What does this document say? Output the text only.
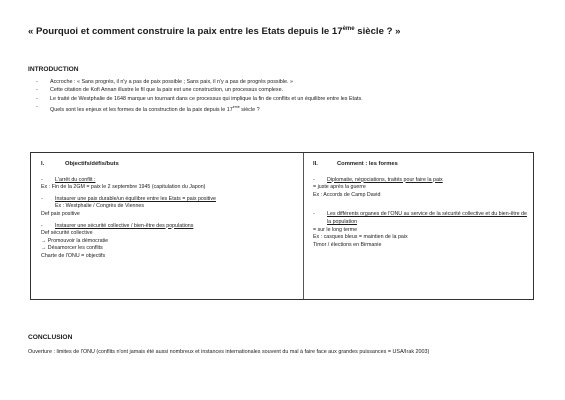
« Pourquoi et comment construire la paix entre les Etats depuis le 17ème siècle ? »
INTRODUCTION
- Accroche : « Sans progrès, il n'y a pas de paix possible ; Sans paix, il n'y a pas de progrès possible. »
- Cette citation de Kofi Annan illustre le fil que la paix est une construction, un processus complexe.
- Le traité de Westphalie de 1648 marque un tournant dans ce processus qui implique la fin de conflits et un équilibre entre les Etats.
- Quels sont les enjeux et les formes de la construction de la paix depuis le 17ème siècle ?
I.	Objectifs/défis/buts
-	L'arrêt du conflit :
Ex : Fin de la 2GM = paix le 2 septembre 1945 (capitulation du Japon)
-	Instaurer une paix durable/un équilibre entre les Etats = paix positive
Ex : Westphalie / Congrès de Viennes
Def paix positive
-	Instaurer une sécurité collective / bien-être des populations
Def sécurité collective
→ Promouvoir la démocratie
→ Désamorcer les conflits
Charte de l'ONU = objectifs
II.	Comment : les formes
-	Diplomatie, négociations, traités pour faire la paix
= juste après la guerre
Ex : Accords de Camp David
-	Les différents organes de l'ONU au service de la sécurité collective et du bien-être de la population
= sur le long terme
Ex : casques bleus = maintien de la paix
Timor / élections en Birmanie
CONCLUSION
Ouverture : limites de l'ONU (conflits n'ont jamais été aussi nombreux et instances internationales souvent du mal à faire face aux grandes puissances = USA/Irak 2003)
